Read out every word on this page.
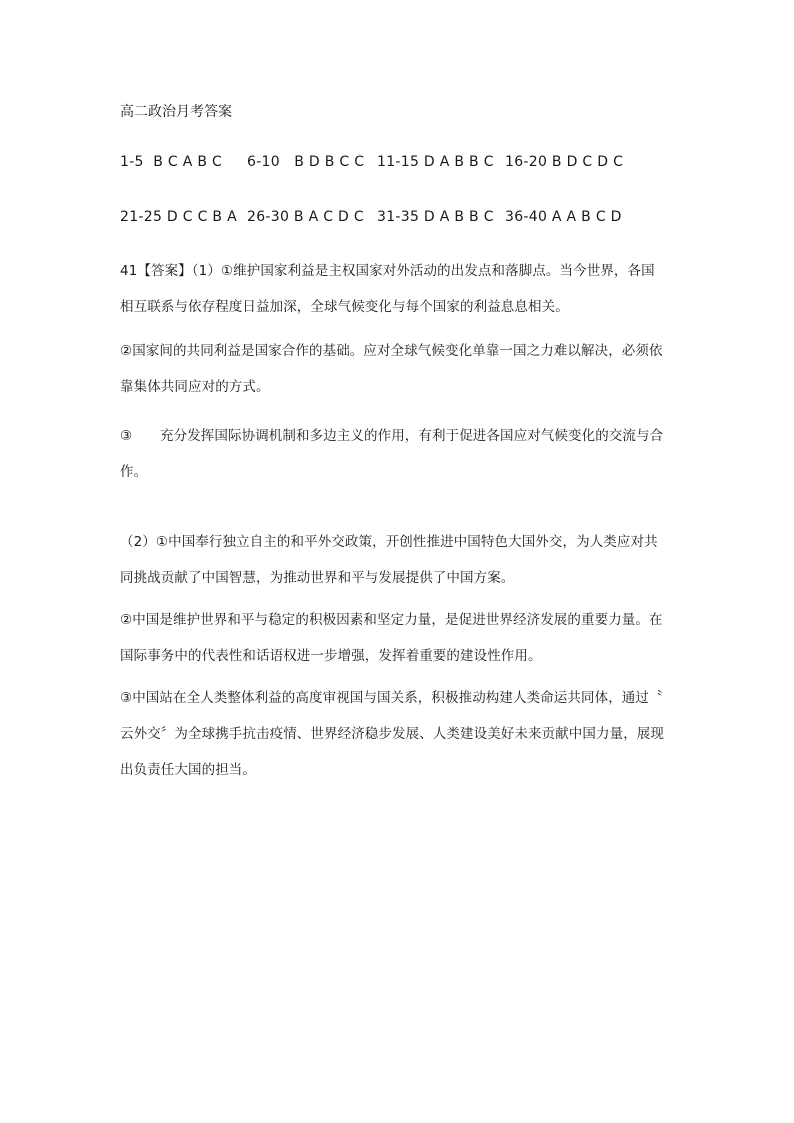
高二政治月考答案
1-5  B C A B C 6-10   B D B C C 11-15 D A B B C 16-20 B D C D C
21-25 D C C B A 26-30 B A C D C 31-35 D A B B C 36-40 A A B C D
41【答案】（1）①维护国家利益是主权国家对外活动的出发点和落脚点。当今世界，各国
相互联系与依存程度日益加深，全球气候变化与每个国家的利益息息相关。
②国家间的共同利益是国家合作的基础。应对全球气候变化单靠一国之力难以解决，必须依
靠集体共同应对的方式。
③ 充分发挥国际协调机制和多边主义的作用，有利于促进各国应对气候变化的交流与合
作。
（2）①中国奉行独立自主的和平外交政策，开创性推进中国特色大国外交，为人类应对共
同挑战贡献了中国智慧，为推动世界和平与发展提供了中国方案。
②中国是维护世界和平与稳定的积极因素和坚定力量，是促进世界经济发展的重要力量。在
国际事务中的代表性和话语权进一步增强，发挥着重要的建设性作用。
③中国站在全人类整体利益的高度审视国与国关系，积极推动构建人类命运共同体，通过〝
云外交〞为全球携手抗击疫情、世界经济稳步发展、人类建设美好未来贡献中国力量，展现
出负责任大国的担当。
